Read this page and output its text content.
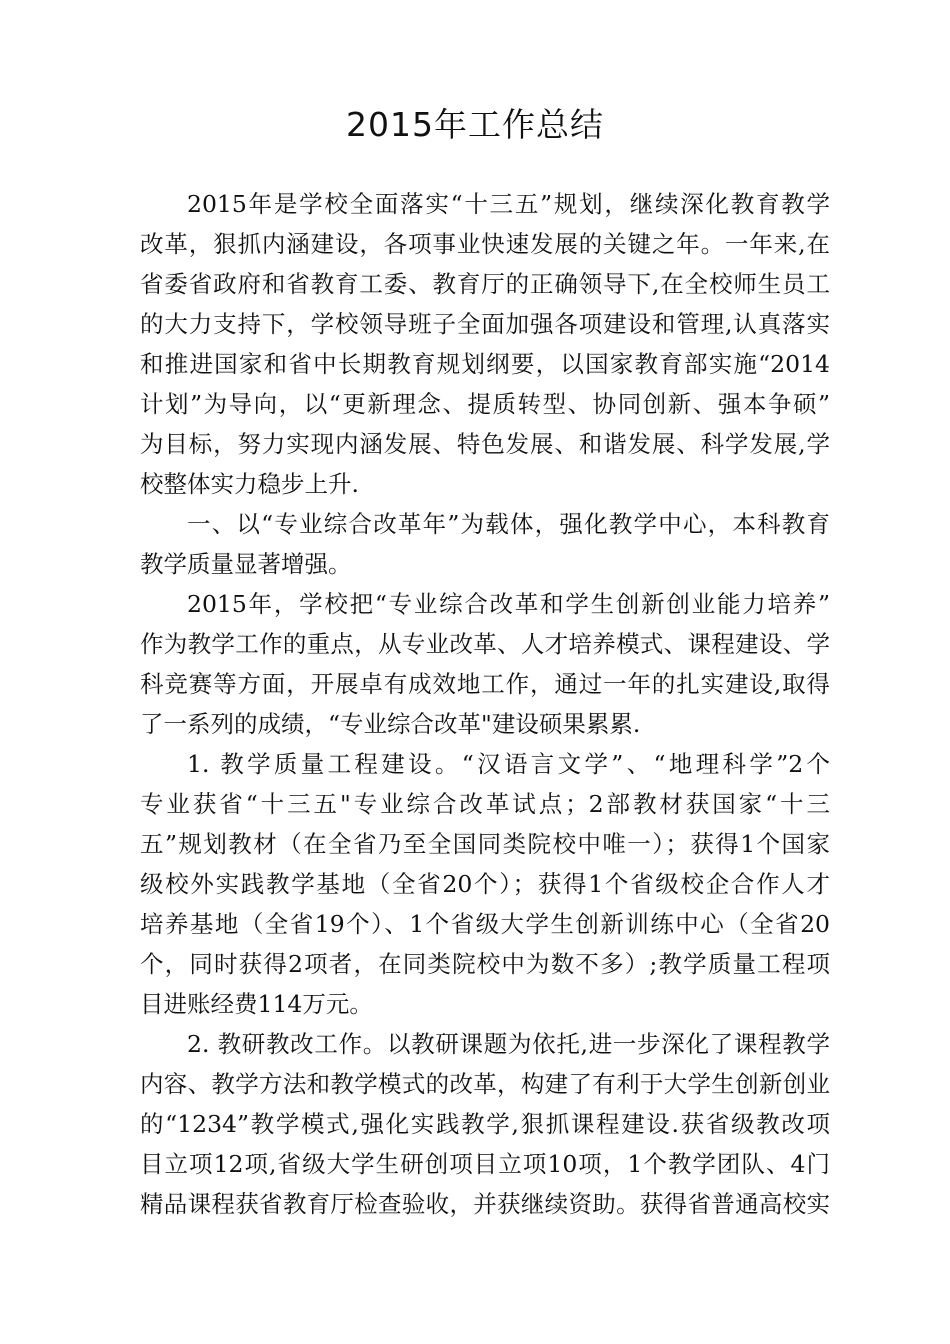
2015年工作总结
2015年是学校全面落实“十三五”规划，继续深化教育教学
改革，狠抓内涵建设，各项事业快速发展的关键之年。一年来,在
省委省政府和省教育工委、教育厅的正确领导下,在全校师生员工
的大力支持下，学校领导班子全面加强各项建设和管理,认真落实
和推进国家和省中长期教育规划纲要，以国家教育部实施“2014
计划”为导向，以“更新理念、提质转型、协同创新、强本争硕”
为目标，努力实现内涵发展、特色发展、和谐发展、科学发展,学
校整体实力稳步上升.
一、以“专业综合改革年”为载体，强化教学中心，本科教育
教学质量显著增强。
2015年，学校把“专业综合改革和学生创新创业能力培养”
作为教学工作的重点，从专业改革、人才培养模式、课程建设、学
科竞赛等方面，开展卓有成效地工作，通过一年的扎实建设,取得
了一系列的成绩，“专业综合改革"建设硕果累累.
1. 教学质量工程建设。“汉语言文学”、“地理科学”2个
专业获省“十三五"专业综合改革试点；2部教材获国家“十三
五”规划教材（在全省乃至全国同类院校中唯一）；获得1个国家
级校外实践教学基地（全省20个）；获得1个省级校企合作人才
培养基地（全省19个）、1个省级大学生创新训练中心（全省20
个，同时获得2项者，在同类院校中为数不多）;教学质量工程项
目进账经费114万元。
2. 教研教改工作。以教研课题为依托,进一步深化了课程教学
内容、教学方法和教学模式的改革，构建了有利于大学生创新创业
的“1234”教学模式,强化实践教学,狠抓课程建设.获省级教改项
目立项12项,省级大学生研创项目立项10项，1个教学团队、4门
精品课程获省教育厅检查验收，并获继续资助。获得省普通高校实
